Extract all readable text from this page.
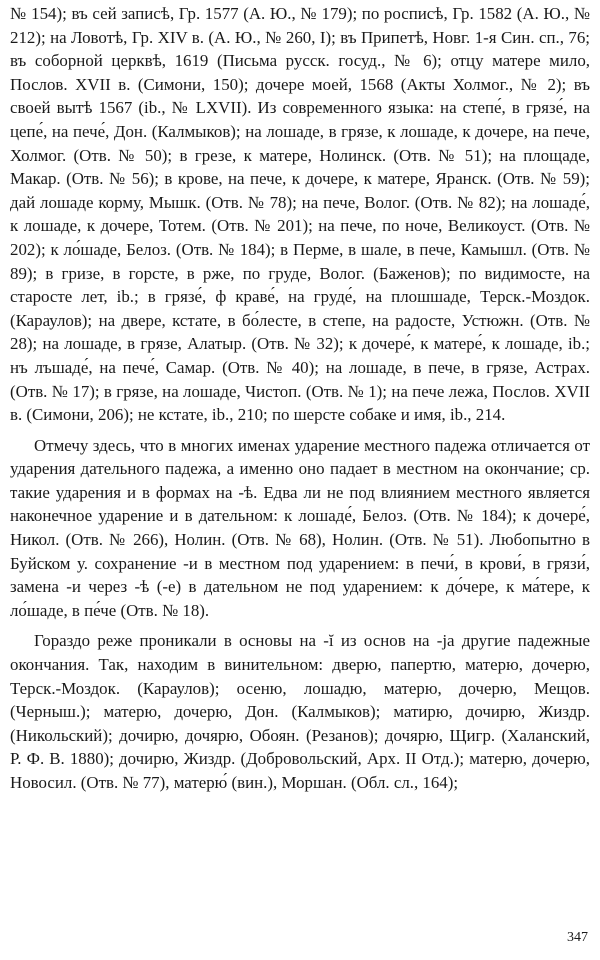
№ 154); въ сей записѣ, Гр. 1577 (А. Ю., № 179); по росписѣ, Гр. 1582 (А. Ю., № 212); на Ловотѣ, Гр. XIV в. (А. Ю., № 260, I); въ Припетѣ, Новг. 1-я Син. сп., 76; въ соборной церквѣ, 1619 (Письма русск. госуд., № 6); отцу матере мило, Послов. XVII в. (Симони, 150); дочере моей, 1568 (Акты Холмог., № 2); въ своей вытѣ 1567 (ib., № LXVII). Из современного языка: на степе́, в грязе́, на цепе́, на пече́, Дон. (Калмыков); на лошаде, в грязе, к лошаде, к дочере, на пече, Холмог. (Отв. № 50); в грезе, к матере, Нолинск. (Отв. № 51); на площаде, Макар. (Отв. № 56); в крове, на пече, к дочере, к матере, Яранск. (Отв. № 59); дай лошаде корму, Мышк. (Отв. № 78); на пече, Волог. (Отв. № 82); на лошаде́, к лошаде, к дочере, Тотем. (Отв. № 201); на пече, по ноче, Великоуст. (Отв. № 202); к ло́шаде, Белоз. (Отв. № 184); в Перме, в шале, в пече, Камышл. (Отв. № 89); в гризе, в горсте, в рже, по груде, Волог. (Баженов); по видимосте, на старосте лет, ib.; в грязе́, ф краве́, на груде́, на плошшаде, Терск.-Моздок. (Караулов); на двере, кстате, в бо́лесте, в степе, на радосте, Устюжн. (Отв. № 28); на лошаде, в грязе, Алатыр. (Отв. № 32); к дочере́, к матере́, к лошаде, ib.; нъ лъшаде́, на пече́, Самар. (Отв. № 40); на лошаде, в пече, в грязе, Астрах. (Отв. № 17); в грязе, на лошаде, Чистоп. (Отв. № 1); на пече лежа, Послов. XVII в. (Симони, 206); не кстате, ib., 210; по шерсте собаке и имя, ib., 214.

Отмечу здесь, что в многих именах ударение местного падежа отличается от ударения дательного падежа, а именно оно падает в местном на окончание; ср. такие ударения и в формах на -ѣ. Едва ли не под влиянием местного является наконечное ударение и в дательном: к лошаде́, Белоз. (Отв. № 184); к дочере́, Никол. (Отв. № 266), Нолин. (Отв. № 68), Нолин. (Отв. № 51). Любопытно в Буйском у. сохранение -и в местном под ударением: в печи́, в крови́, в грязи́, замена -и через -ѣ (-е) в дательном не под ударением: к до́чере, к ма́тере, к ло́шаде, в пе́че (Отв. № 18).

Гораздо реже проникали в основы на -ĭ из основ на -ja другие падежные окончания. Так, находим в винительном: дверю, папертю, матерю, дочерю, Терск.-Моздок. (Караулов); осеню, лошадю, матерю, дочерю, Мещов. (Черныш.); матерю, дочерю, Дон. (Калмыков); матирю, дочирю, Жиздр. (Никольский); дочирю, дочярю, Обоян. (Резанов); дочярю, Щигр. (Халанский, Р. Ф. В. 1880); дочирю, Жиздр. (Добровольский, Арх. II Отд.); матерю, дочерю, Новосил. (Отв. № 77), матерю́ (вин.), Моршан. (Обл. сл., 164);

347
